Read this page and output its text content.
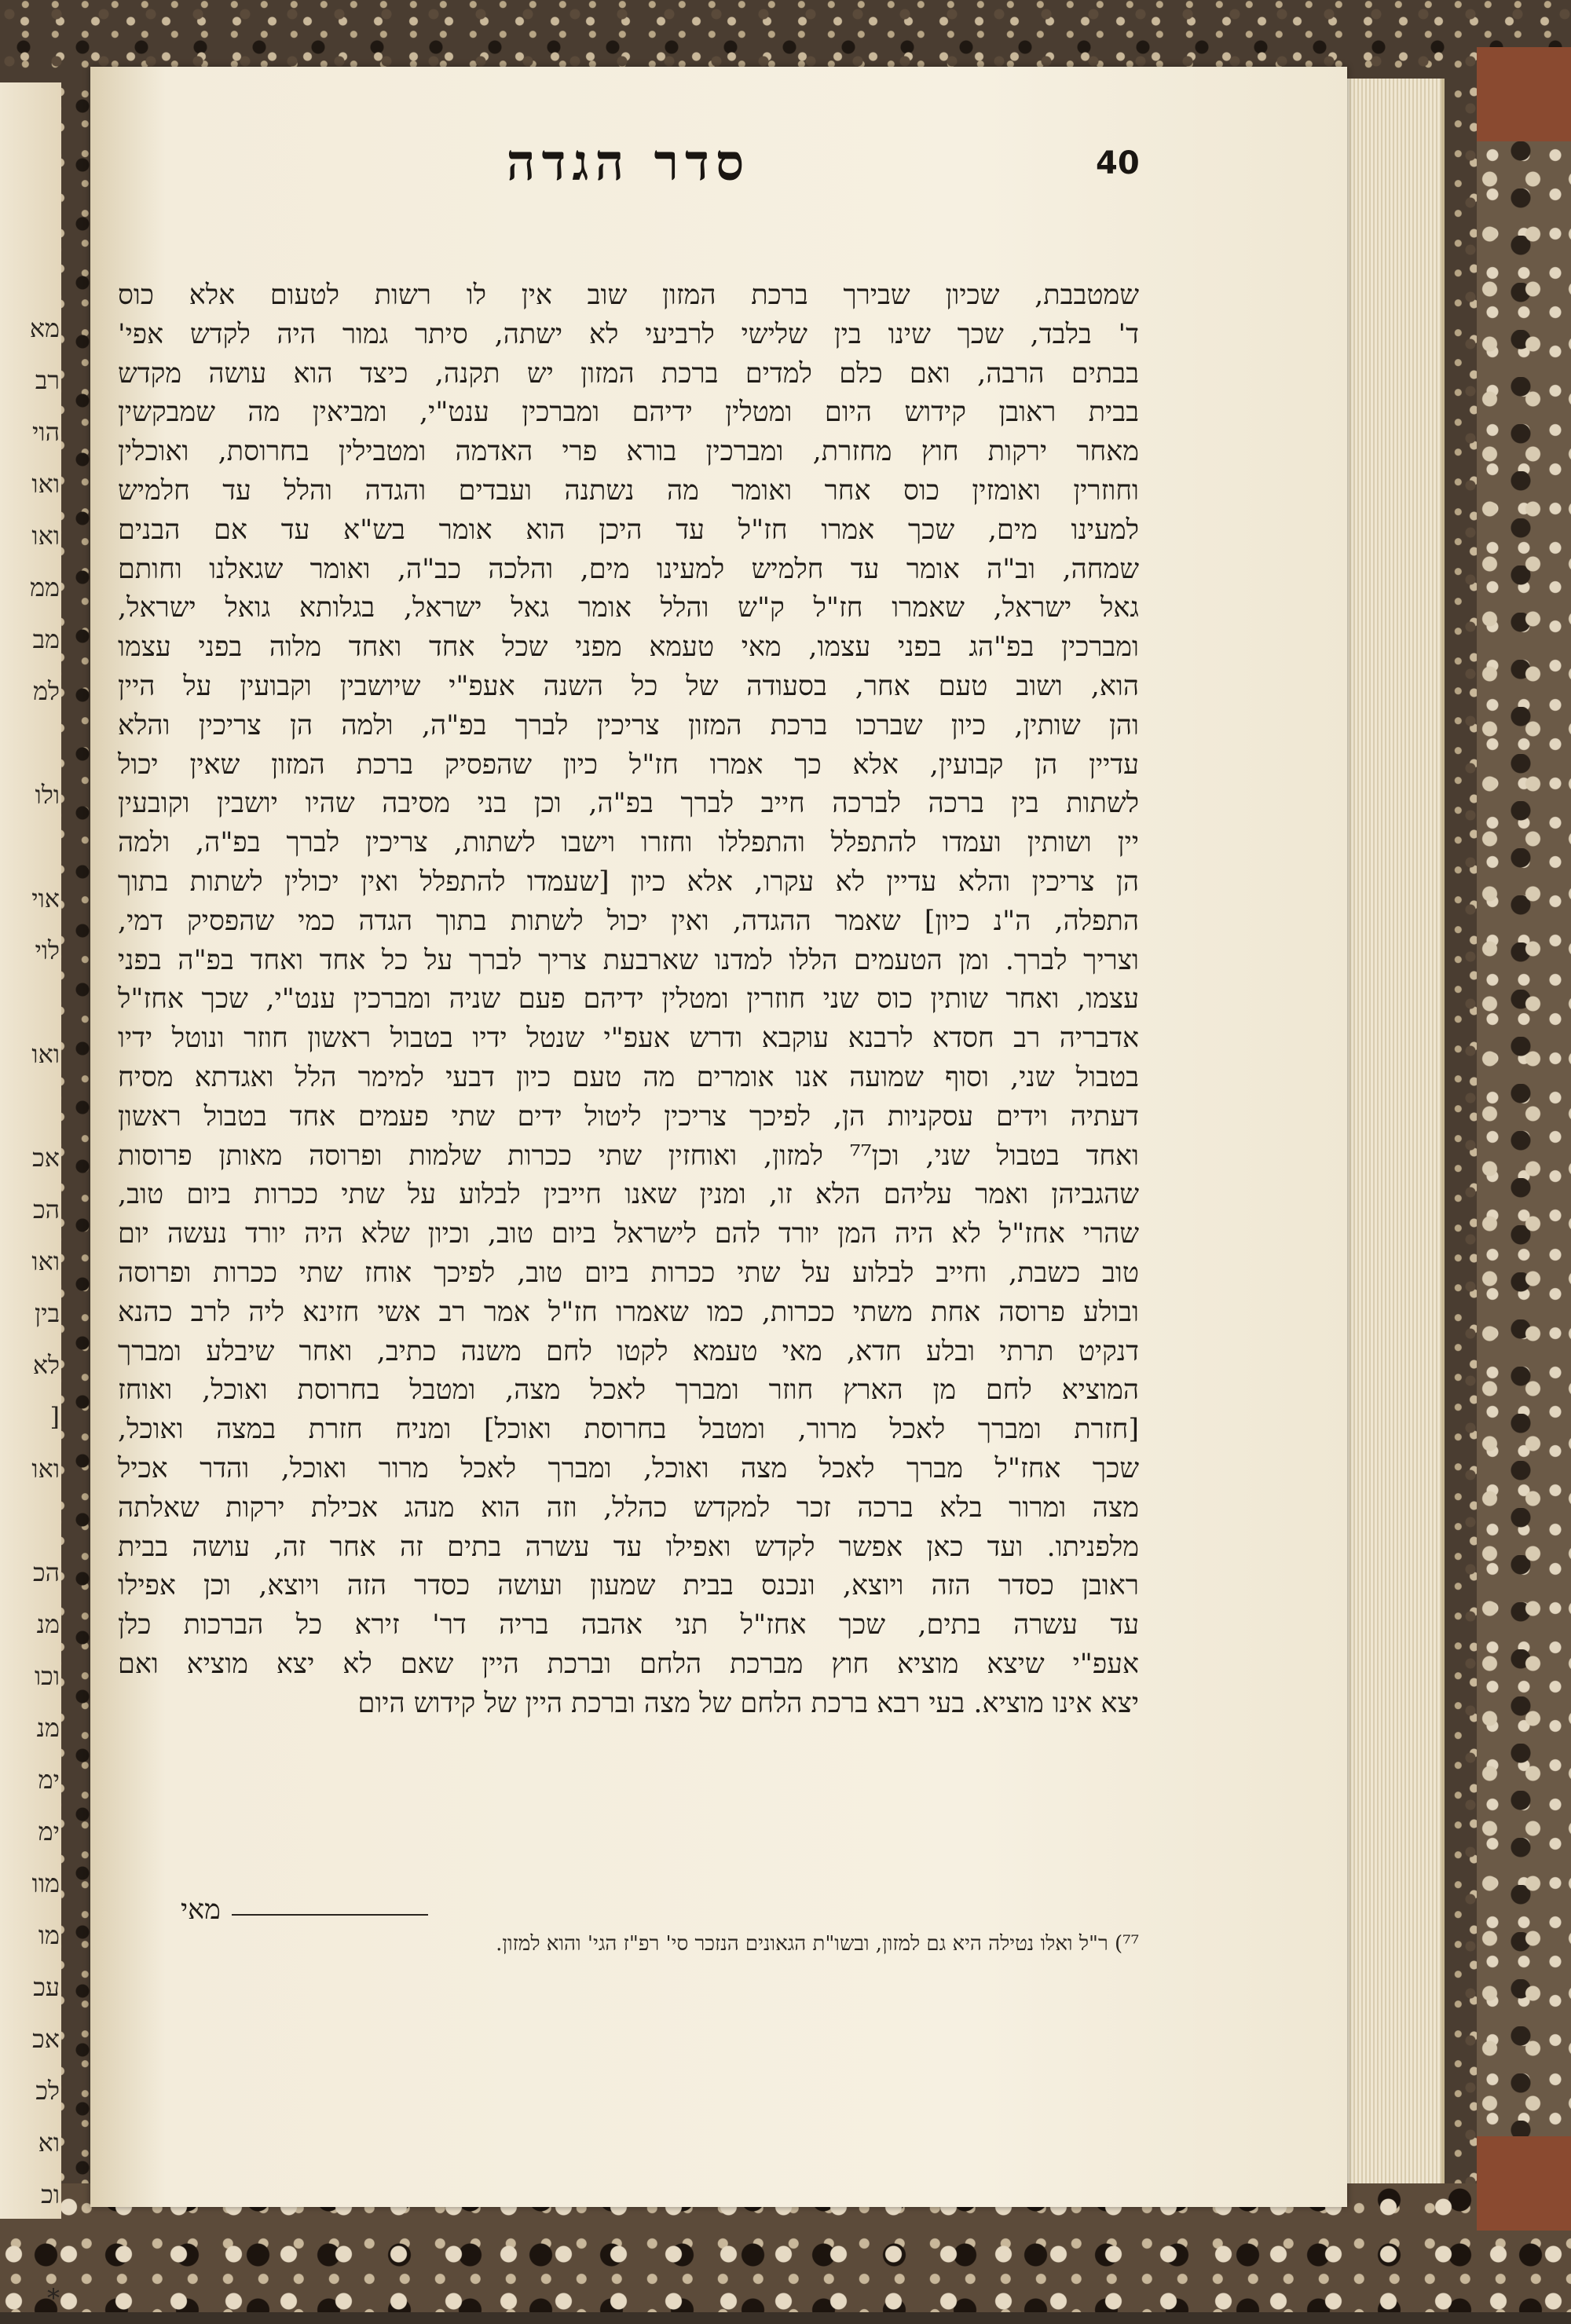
מא
רב
הוי
ואו
ואו
ממ
מב
למ
ולו
אוי
לוי
ואו
אכ
הכ
ואו
בין
לא
[
ואו
הכ
מנ
וכו
מנ
ימ
ימ
מוו
מו
עכ
אכ
לכ
וא
וכ
*
40
סדר הגדה
שמטבבת, שכיון שבירך ברכת המזון שוב אין לו רשות לטעום אלא כוס
ד' בלבד, שכך שינו בין שלישי לרביעי לא ישתה, סיתר גמור היה לקדש אפי'
בבתים הרבה, ואם כלם למדים ברכת המזון יש תקנה, כיצד הוא עושה מקדש
בבית ראובן קידוש היום ומטלין ידיהם ומברכין ענט"י, ומביאין מה שמבקשין
מאחר ירקות חוץ מחזרת, ומברכין בורא פרי האדמה ומטבילין בחרוסת, ואוכלין
וחוזרין ואומזין כוס אחר ואומר מה נשתנה ועבדים והגדה והלל עד חלמיש
למעינו מים, שכך אמרו חז"ל עד היכן הוא אומר בש"א עד אם הבנים
שמחה, וב"ה אומר עד חלמיש למעינו מים, והלכה כב"ה, ואומר שגאלנו וחותם
גאל ישראל, שאמרו חז"ל ק"ש והלל אומר גאל ישראל, בגלותא גואל ישראל,
ומברכין בפ"הג בפני עצמו, מאי טעמא מפני שכל אחד ואחד מלוה בפני עצמו
הוא, ושוב טעם אחר, בסעודה של כל השנה אעפ"י שיושבין וקבועין על היין
והן שותין, כיון שברכו ברכת המזון צריכין לברך בפ"ה, ולמה הן צריכין והלא
עדיין הן קבועין, אלא כך אמרו חז"ל כיון שהפסיק ברכת המזון שאין יכול
לשתות בין ברכה לברכה חייב לברך בפ"ה, וכן בני מסיבה שהיו יושבין וקובעין
יין ושותין ועמדו להתפלל והתפללו וחזרו וישבו לשתות, צריכין לברך בפ"ה, ולמה
הן צריכין והלא עדיין לא עקרו, אלא כיון [שעמדו להתפלל ואין יכולין לשתות בתוך
התפלה, ה"נ כיון] שאמר ההגדה, ואין יכול לשתות בתוך הגדה כמי שהפסיק דמי,
וצריך לברך. ומן הטעמים הללו למדנו שארבעת צריך לברך על כל אחד ואחד בפ"ה בפני
עצמו, ואחר שותין כוס שני חוזרין ומטלין ידיהם פעם שניה ומברכין ענט"י, שכך אחז"ל
אדבריה רב חסדא לרבנא עוקבא ודרש אעפ"י שנטל ידיו בטבול ראשון חוזר ונוטל ידיו
בטבול שני, וסוף שמועה אנו אומרים מה טעם כיון דבעי למימר הלל ואגדתא מסיח
דעתיה וידים עסקניות הן, לפיכך צריכין ליטול ידים שתי פעמים אחד בטבול ראשון
ואחד בטבול שני, וכן⁷⁷ למזון, ואוחזין שתי ככרות שלמות ופרוסה מאותן פרוסות
שהגביהן ואמר עליהם הלא זו, ומנין שאנו חייבין לבלוע על שתי ככרות ביום טוב,
שהרי אחז"ל לא היה המן יורד להם לישראל ביום טוב, וכיון שלא היה יורד נעשה יום
טוב כשבת, וחייב לבלוע על שתי ככרות ביום טוב, לפיכך אוחז שתי ככרות ופרוסה
ובולע פרוסה אחת משתי ככרות, כמו שאמרו חז"ל אמר רב אשי חזינא ליה לרב כהנא
דנקיט תרתי ובלע חדא, מאי טעמא לקטו לחם משנה כתיב, ואחר שיבלע ומברך
המוציא לחם מן הארץ חוזר ומברך לאכל מצה, ומטבל בחרוסת ואוכל, ואוחז
[חזרת ומברך לאכל מרור, ומטבל בחרוסת ואוכל] ומניח חזרת במצה ואוכל,
שכך אחז"ל מברך לאכל מצה ואוכל, ומברך לאכל מרור ואוכל, והדר אכיל
מצה ומרור בלא ברכה זכר למקדש כהלל, וזה הוא מנהג אכילת ירקות שאלתה
מלפניתו. ועד כאן אפשר לקדש ואפילו עד עשרה בתים זה אחר זה, עושה בבית
ראובן כסדר הזה ויוצא, ונכנס בבית שמעון ועושה כסדר הזה ויוצא, וכן אפילו
עד עשרה בתים, שכך אחז"ל תני אהבה בריה דר' זירא כל הברכות כלן
אעפ"י שיצא מוציא חוץ מברכת הלחם וברכת היין שאם לא יצא מוציא ואם
יצא אינו מוציא. בעי רבא ברכת הלחם של מצה וברכת היין של קידוש היום
מאי
⁷⁷) ר"ל ואלו נטילה היא גם למזון, ובשו"ת הגאונים הנזכר סי' רפ"ז הגי' והוא למזון.
